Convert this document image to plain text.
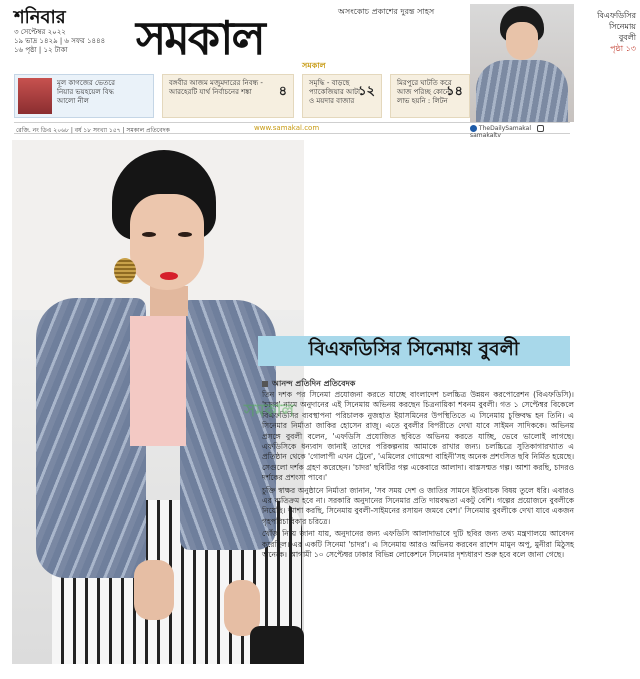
শনিবার
৩ সেপ্টেম্বর ২০২২
১৯ ভাদ্র ১৪২৯ | ৬ সফর ১৪৪৪
১৬ পৃষ্ঠা | ১২ টাকা
অসংকোচ প্রকাশের দুরন্ত সাহস
সমকাল
সমকাল
বিএফডিসির
সিনেমায়
বুবলী
পৃষ্ঠা ১৩
মূল কাগজের ভেতরে নিয়ার ভয়হয়েল বিদ্ধ আলো নীল
বঙ্গবীর আজম মজুমদারের নিবন্ধ - আরহেরটি যার্থ নির্বাচনের শঙ্কা	৪
সমৃদ্ধি - বাড়ছে প্যাকেজিয়ার আটা ও ময়দার বাজার
১২
মিরপুরে ঘাটতি করে আজ পরিচ্ছ কোনো লাভ হয়নি : লিটন
১৪
রেজি. নং ডিএ ২০৬৮ | বর্ষ ১৮ সংখ্যা ১৫৭ | সমকাল প্রতিবেদক	www.samakal.com	TheDailySamakal  samakaltv
বিএফডিসির সিনেমায় বুবলী
আনন্দ প্রতিদিন প্রতিবেদক

তিন দশক পর সিনেমা প্রযোজনা করতে যাচ্ছে বাংলাদেশ চলচ্চিত্র উন্নয়ন করপোরেশন (বিএফডিসি)। 'চাদর' নামে অনুদানের এই সিনেমায় অভিনয় করছেন চিত্রনায়িকা শবনম বুবলী। গত ১ সেপ্টেম্বর বিকেলে বিএফডিসির ব্যবস্থাপনা পরিচালক নুজহাত ইয়াসমিনের উপস্থিতিতে এ সিনেমায় চুক্তিবদ্ধ হন তিনি। এ সিনেমার নির্মাতা জাকির হোসেন রাজু। এতে বুবলীর বিপরীতে দেখা যাবে সাইমন সাদিককে। অভিনয় প্রসঙ্গে বুবলী বলেন, 'এফডিসি প্রযোজিত ছবিতে অভিনয় করতে যাচ্ছি, ভেবে ভালোই লাগছে। এফডিসিকে ধন্যবাদ জানাই তাদের পরিকল্পনায় আমাকে রাখার জন্য। চলচ্চিত্রে সুতিকাগারখ্যাত এ প্রতিষ্ঠান থেকে 'গোলাপী এখন ট্রেনে', 'এমিলের গোয়েন্দা বাহিনী'সহ অনেক প্রশংসিত ছবি নির্মিত হয়েছে। সেগুলো দর্শক গ্রহণ করেছেন। 'চাদর' ছবিটির গল্প একেবারে আলাদা। বাস্তসম্মত গল্প। আশা করছি, চাদরও দর্শকের প্রশংসা পাবে।'

চুক্তি স্বাক্ষর অনুষ্ঠানে নির্মাতা জানান, 'সব সময় দেশ ও জাতির সামনে ইতিবাচক বিষয় তুলে ধরি। এবারও এর ব্যতিক্রম হবে না। সরকারি অনুদানের সিনেমার প্রতি দায়বদ্ধতা একটু বেশি। গল্পের প্রয়োজনে বুবলীকে নিয়েছি। আশা করছি, সিনেমায় বুবলী-সাইমনের রসায়ন জমবে বেশ।' সিনেমায় বুবলীকে দেখা যাবে একজন গৃহপরিচারিকার চরিত্রে।

খোঁজ নিয়ে জানা যায়, অনুদানের জন্য এফডিসি আলাদাভাবে দুটি ছবির জন্য তথ্য মন্ত্রণালয়ে আবেদন করেছিল। এর একটি সিনেমা 'চাদর'। এ সিনেমায় আরও অভিনয় করবেন রাশেদ মামুন অপু, মুনীরা মিঠুসহ অনেকে। আগামী ১০ সেপ্টেম্বর ঢাকার বিভিন্ন লোকেশনে সিনেমার দৃশ্যধারণ শুরু হবে বলে জানা গেছে।

সমকাল
